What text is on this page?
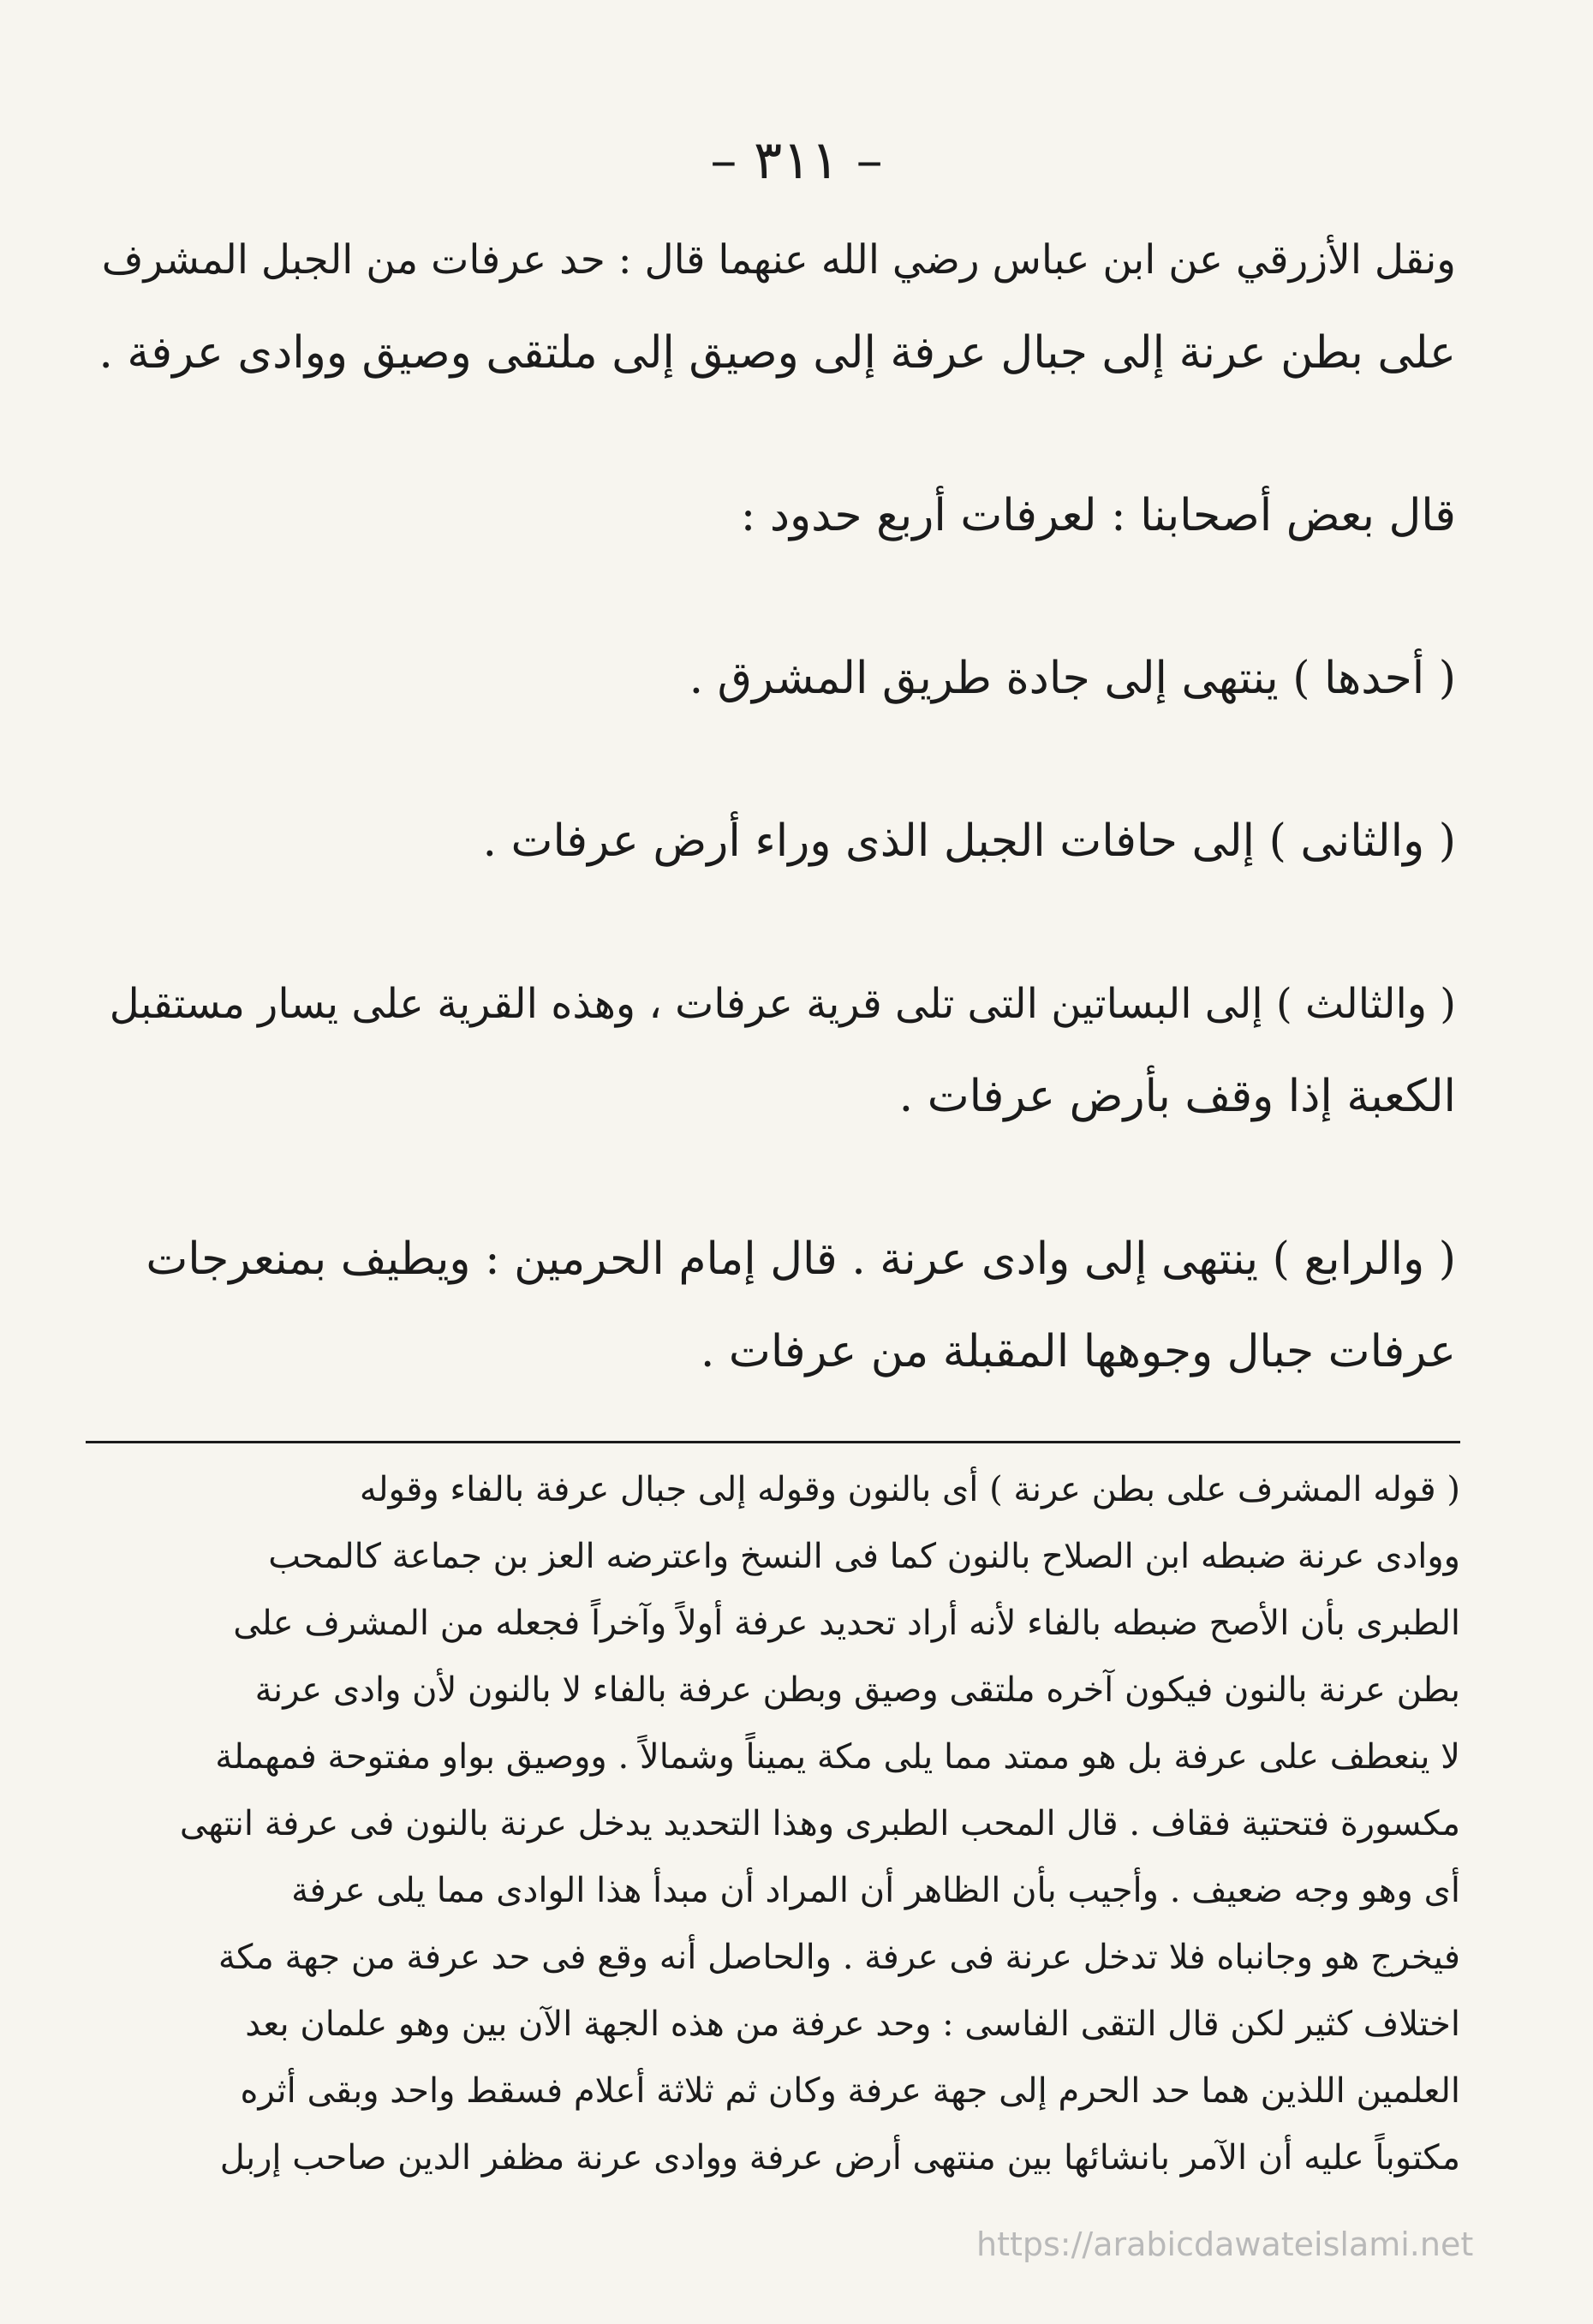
– ٣١١ –

ونقل الأزرقي عن ابن عباس رضي الله عنهما قال : حد عرفات من الجبل المشرف
على بطن عرنة إلى جبال عرفة إلى وصيق إلى ملتقى وصيق ووادى عرفة .

قال بعض أصحابنا : لعرفات أربع حدود :

( أحدها ) ينتهى إلى جادة طريق المشرق .

( والثانى ) إلى حافات الجبل الذى وراء أرض عرفات .

( والثالث ) إلى البساتين التى تلى قرية عرفات ، وهذه القرية على يسار مستقبل
الكعبة إذا وقف بأرض عرفات .

( والرابع ) ينتهى إلى وادى عرنة . قال إمام الحرمين : ويطيف بمنعرجات
عرفات جبال وجوهها المقبلة من عرفات .

( قوله المشرف على بطن عرنة ) أى بالنون وقوله إلى جبال عرفة بالفاء وقوله
ووادى عرنة ضبطه ابن الصلاح بالنون كما فى النسخ واعترضه العز بن جماعة كالمحب
الطبرى بأن الأصح ضبطه بالفاء لأنه أراد تحديد عرفة أولاً وآخراً فجعله من المشرف على
بطن عرنة بالنون فيكون آخره ملتقى وصيق وبطن عرفة بالفاء لا بالنون لأن وادى عرنة
لا ينعطف على عرفة بل هو ممتد مما يلى مكة يميناً وشمالاً . ووصيق بواو مفتوحة فمهملة
مكسورة فتحتية فقاف . قال المحب الطبرى وهذا التحديد يدخل عرنة بالنون فى عرفة انتهى
أى وهو وجه ضعيف . وأجيب بأن الظاهر أن المراد أن مبدأ هذا الوادى مما يلى عرفة
فيخرج هو وجانباه فلا تدخل عرنة فى عرفة . والحاصل أنه وقع فى حد عرفة من جهة مكة
اختلاف كثير لكن قال التقى الفاسى : وحد عرفة من هذه الجهة الآن بين وهو علمان بعد
العلمين اللذين هما حد الحرم إلى جهة عرفة وكان ثم ثلاثة أعلام فسقط واحد وبقى أثره
مكتوباً عليه أن الآمر بانشائها بين منتهى أرض عرفة ووادى عرنة مظفر الدين صاحب إربل
https://arabicdawateislami.net
